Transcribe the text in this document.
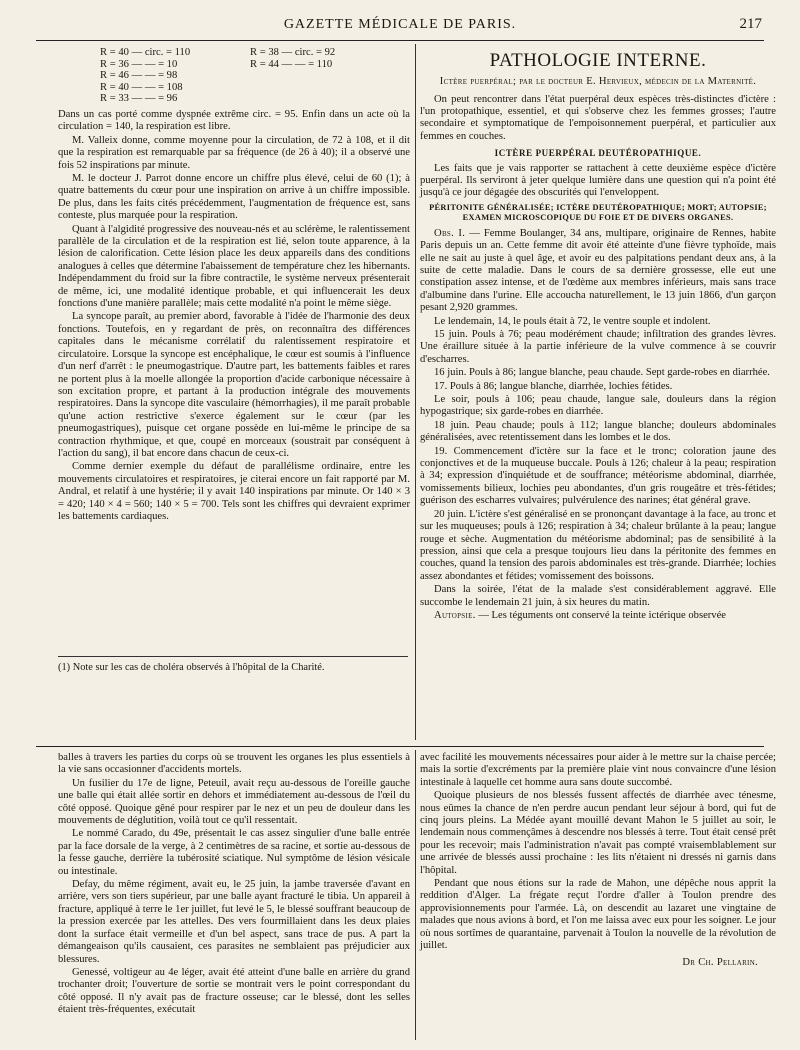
GAZETTE MÉDICALE DE PARIS.	217
R = 40 — circ. = 110	R = 38 — circ. = 92
R = 36 — — = 10	R = 44 — — = 110
R = 46 — — = 98
R = 40 — — = 108
R = 33 — — = 96

Dans un cas porté comme dyspnée extrême circ. = 95. Enfin dans un acte où la circulation = 140, la respiration est libre.

M. Valleix donne, comme moyenne pour la circulation, de 72 à 108, et il dit que la respiration est remarquable par sa fréquence (de 26 à 40); il a observé une fois 52 inspirations par minute.

M. le docteur J. Parrot donne encore un chiffre plus élevé, celui de 60 (1); à quatre battements du cœur pour une inspiration on arrive à un chiffre impossible. De plus, dans les faits cités précédemment, l'augmentation de fréquence est, sans conteste, plus marquée pour la respiration.

Quant à l'algidité progressive des nouveau-nés et au sclérème, le ralentissement parallèle de la circulation et de la respiration est lié, selon toute apparence, à la lésion de calorification. Cette lésion place les deux appareils dans des conditions analogues à celles que détermine l'abaissement de température chez les hibernants. Indépendamment du froid sur la fibre contractile, le système nerveux présenterait de même, ici, une modalité identique probable, et qui influencerait les deux fonctions d'une manière parallèle; mais cette modalité n'a point le même siège.

La syncope paraît, au premier abord, favorable à l'idée de l'harmonie des deux fonctions. Toutefois, en y regardant de près, on reconnaîtra des différences capitales dans le mécanisme corrélatif du ralentissement respiratoire et circulatoire. Lorsque la syncope est encéphalique, le cœur est soumis à l'influence d'un nerf d'arrêt : le pneumogastrique. D'autre part, les battements faibles et rares ne portent plus à la moelle allongée la proportion d'acide carbonique nécessaire à son excitation propre, et partant à la production intégrale des mouvements respiratoires. Dans la syncope dite vasculaire (hémorrhagies), il me paraît probable qu'une action restrictive s'exerce également sur le cœur (par les pneumogastriques), puisque cet organe possède en lui-même le principe de sa contraction rhythmique, et que, coupé en morceaux (soustrait par conséquent à l'action du sang), il bat encore dans chacun de ceux-ci.

Comme dernier exemple du défaut de parallélisme ordinaire, entre les mouvements circulatoires et respiratoires, je citerai encore un fait rapporté par M. Andral, et relatif à une hystérie; il y avait 140 inspirations par minute. Or 140 × 3 = 420; 140 × 4 = 560; 140 × 5 = 700. Tels sont les chiffres qui devraient exprimer les battements cardiaques.

(1) Note sur les cas de choléra observés à l'hôpital de la Charité.

PATHOLOGIE INTERNE.
Ictère puerpéral; par le docteur E. Hervieux, médecin de la Maternité.

On peut rencontrer dans l'état puerpéral deux espèces très-distinctes d'ictère : l'un protopathique, essentiel, et qui s'observe chez les femmes grosses; l'autre secondaire et symptomatique de l'empoisonnement puerpéral, et particulier aux femmes en couches.

ICTÈRE PUERPÉRAL DEUTÉROPATHIQUE.

Les faits que je vais rapporter se rattachent à cette deuxième espèce d'ictère puerpéral. Ils serviront à jeter quelque lumière dans une question qui n'a point été jusqu'à ce jour dégagée des obscurités qui l'enveloppent.

PÉRITONITE GÉNÉRALISÉE; ICTÈRE DEUTÉROPATHIQUE; MORT; AUTOPSIE; EXAMEN MICROSCOPIQUE DU FOIE ET DE DIVERS ORGANES.

Obs. I. — Femme Boulanger, 34 ans, multipare, originaire de Rennes, habite Paris depuis un an. Cette femme dit avoir été atteinte d'une fièvre typhoïde, mais elle ne sait au juste à quel âge, et avoir eu des palpitations pendant deux ans, à la suite de cette maladie. Dans le cours de sa dernière grossesse, elle eut une constipation assez intense, et de l'œdème aux membres inférieurs, mais sans trace d'albumine dans l'urine. Elle accoucha naturellement, le 13 juin 1866, d'un garçon pesant 2,920 grammes.

Le lendemain, 14, le pouls était à 72, le ventre souple et indolent.

15 juin. Pouls à 76; peau modérément chaude; infiltration des grandes lèvres. Une éraillure située à la partie inférieure de la vulve commence à se couvrir d'escharres.

16 juin. Pouls à 86; langue blanche, peau chaude. Sept garde-robes en diarrhée.

17. Pouls à 86; langue blanche, diarrhée, lochies fétides.

Le soir, pouls à 106; peau chaude, langue sale, douleurs dans la région hypogastrique; six garde-robes en diarrhée.

18 juin. Peau chaude; pouls à 112; langue blanche; douleurs abdominales généralisées, avec retentissement dans les lombes et le dos.

19. Commencement d'ictère sur la face et le tronc; coloration jaune des conjonctives et de la muqueuse buccale. Pouls à 126; chaleur à la peau; respiration à 34; expression d'inquiétude et de souffrance; météorisme abdominal, diarrhée, vomissements bilieux, lochies peu abondantes, d'un gris rougeâtre et très-fétides; guérison des escharres vulvaires; pulvérulence des narines; état général grave.

20 juin. L'ictère s'est généralisé en se prononçant davantage à la face, au tronc et sur les muqueuses; pouls à 126; respiration à 34; chaleur brûlante à la peau; langue rouge et sèche. Augmentation du météorisme abdominal; pas de sensibilité à la pression, ainsi que cela a presque toujours lieu dans la péritonite des femmes en couches, quand la tension des parois abdominales est très-grande. Diarrhée; lochies assez abondantes et fétides; vomissement des boissons.

Dans la soirée, l'état de la malade s'est considérablement aggravé. Elle succombe le lendemain 21 juin, à six heures du matin.

Autopsie. — Les téguments ont conservé la teinte ictérique observée

balles à travers les parties du corps où se trouvent les organes les plus essentiels à la vie sans occasionner d'accidents mortels.

Un fusilier du 17e de ligne, Peteuil, avait reçu au-dessous de l'oreille gauche une balle qui était allée sortir en dehors et immédiatement au-dessous de l'œil du côté opposé. Quoique gêné pour respirer par le nez et un peu de douleur dans les mouvements de déglutition, voilà tout ce qu'il ressentait.

Le nommé Carado, du 49e, présentait le cas assez singulier d'une balle entrée par la face dorsale de la verge, à 2 centimètres de sa racine, et sortie au-dessous de la fesse gauche, derrière la tubérosité sciatique. Nul symptôme de lésion vésicale ou intestinale.

Defay, du même régiment, avait eu, le 25 juin, la jambe traversée d'avant en arrière, vers son tiers supérieur, par une balle ayant fracturé le tibia. Un appareil à fracture, appliqué à terre le 1er juillet, fut levé le 5, le blessé souffrant beaucoup de la pression exercée par les attelles. Des vers fourmillaient dans les deux plaies dont la surface était vermeille et d'un bel aspect, sans trace de pus. A part la démangeaison qu'ils causaient, ces parasites ne semblaient pas préjudicier aux blessures.

Genessé, voltigeur au 4e léger, avait été atteint d'une balle en arrière du grand trochanter droit; l'ouverture de sortie se montrait vers le point correspondant du côté opposé. Il n'y avait pas de fracture osseuse; car le blessé, dont les selles étaient très-fréquentes, exécutait

avec facilité les mouvements nécessaires pour aider à le mettre sur la chaise percée; mais la sortie d'excréments par la première plaie vint nous convaincre d'une lésion intestinale à laquelle cet homme aura sans doute succombé.

Quoique plusieurs de nos blessés fussent affectés de diarrhée avec ténesme, nous eûmes la chance de n'en perdre aucun pendant leur séjour à bord, qui fut de cinq jours pleins. La Médée ayant mouillé devant Mahon le 5 juillet au soir, le lendemain nous commençâmes à descendre nos blessés à terre. Tout était censé prêt pour les recevoir; mais l'administration n'avait pas compté vraisemblablement sur une arrivée de blessés aussi prochaine : les lits n'étaient ni dressés ni garnis dans l'hôpital.

Pendant que nous étions sur la rade de Mahon, une dépêche nous apprit la reddition d'Alger. La frégate reçut l'ordre d'aller à Toulon prendre des approvisionnements pour l'armée. Là, on descendit au lazaret une vingtaine de malades que nous avions à bord, et l'on me laissa avec eux pour les soigner. Le jour où nous sortîmes de quarantaine, parvenait à Toulon la nouvelle de la révolution de juillet.

Dr Ch. Pellarin.
